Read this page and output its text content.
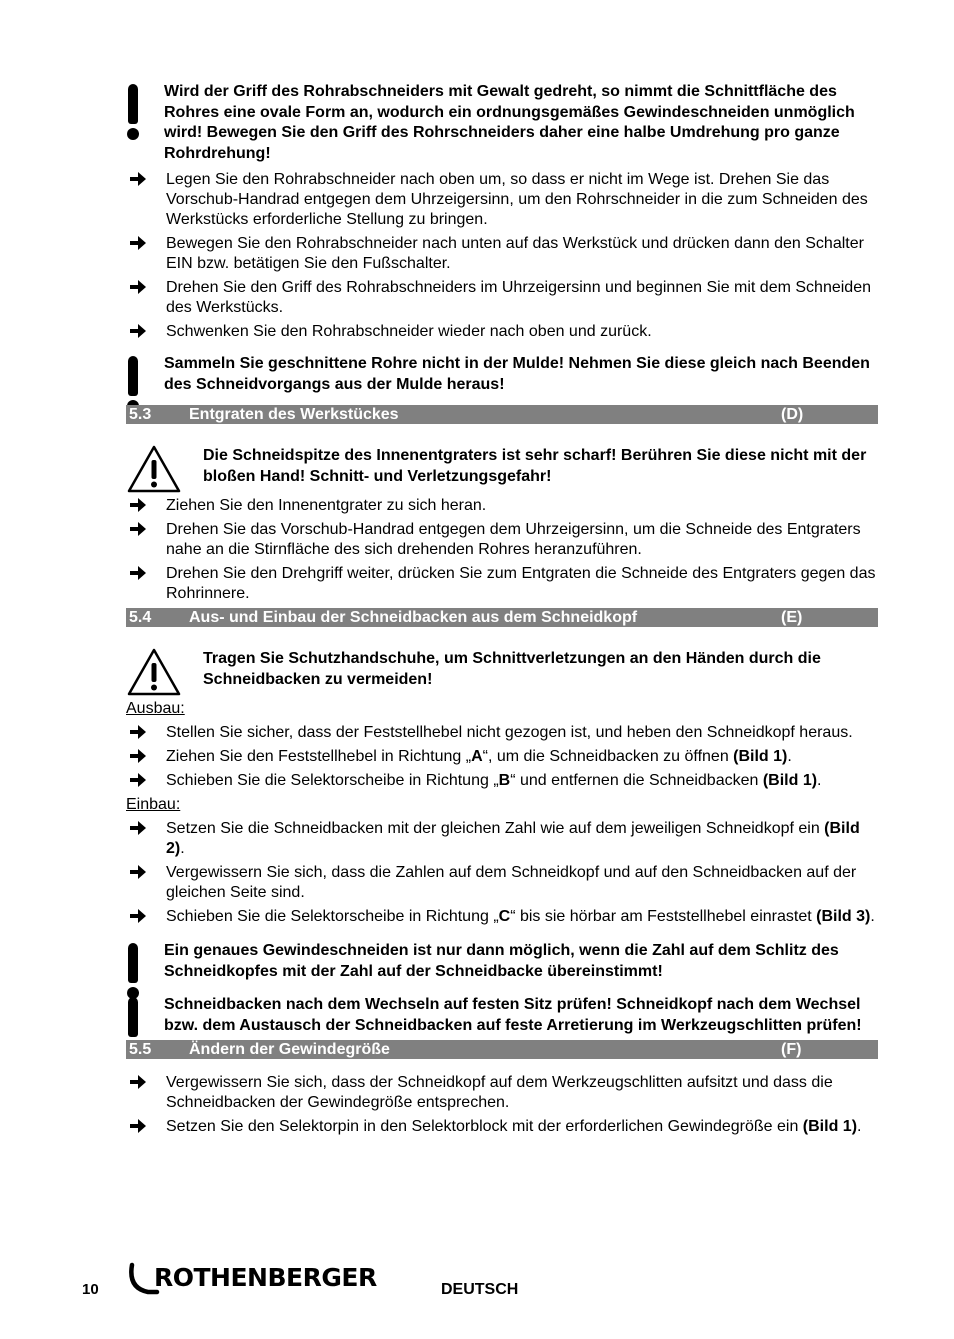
Wird der Griff des Rohrabschneiders mit Gewalt gedreht, so nimmt die Schnittfläche des Rohres eine ovale Form an, wodurch ein ordnungsgemäßes Gewindeschneiden unmöglich wird! Bewegen Sie den Griff des Rohrschneiders daher eine halbe Umdrehung pro ganze Rohrdrehung!
Legen Sie den Rohrabschneider nach oben um, so dass er nicht im Wege ist. Drehen Sie das Vorschub-Handrad entgegen dem Uhrzeigersinn, um den Rohrschneider in die zum Schneiden des Werkstücks erforderliche Stellung zu bringen.
Bewegen Sie den Rohrabschneider nach unten auf das Werkstück und drücken dann den Schalter EIN bzw. betätigen Sie den Fußschalter.
Drehen Sie den Griff des Rohrabschneiders im Uhrzeigersinn und beginnen Sie mit dem Schneiden des Werkstücks.
Schwenken Sie den Rohrabschneider wieder nach oben und zurück.
Sammeln Sie geschnittene Rohre nicht in der Mulde! Nehmen Sie diese gleich nach Beenden des Schneidvorgangs aus der Mulde heraus!
5.3 Entgraten des Werkstückes	(D)
Die Schneidspitze des Innenentgraters ist sehr scharf! Berühren Sie diese nicht mit der bloßen Hand! Schnitt- und Verletzungsgefahr!
Ziehen Sie den Innenentgrater zu sich heran.
Drehen Sie das Vorschub-Handrad entgegen dem Uhrzeigersinn, um die Schneide des Entgraters nahe an die Stirnfläche des sich drehenden Rohres heranzuführen.
Drehen Sie den Drehgriff weiter, drücken Sie zum Entgraten die Schneide des Entgraters gegen das Rohrinnere.
5.4 Aus- und Einbau der Schneidbacken aus dem Schneidkopf	(E)
Tragen Sie Schutzhandschuhe, um Schnittverletzungen an den Händen durch die Schneidbacken zu vermeiden!
Ausbau:
Stellen Sie sicher, dass der Feststellhebel nicht gezogen ist, und heben den Schneidkopf heraus.
Ziehen Sie den Feststellhebel in Richtung „A“, um die Schneidbacken zu öffnen (Bild 1).
Schieben Sie die Selektorscheibe in Richtung „B“ und entfernen die Schneidbacken (Bild 1).
Einbau:
Setzen Sie die Schneidbacken mit der gleichen Zahl wie auf dem jeweiligen Schneidkopf ein (Bild 2).
Vergewissern Sie sich, dass die Zahlen auf dem Schneidkopf und auf den Schneidbacken auf der gleichen Seite sind.
Schieben Sie die Selektorscheibe in Richtung „C“ bis sie hörbar am Feststellhebel einrastet (Bild 3).
Ein genaues Gewindeschneiden ist nur dann möglich, wenn die Zahl auf dem Schlitz des Schneidkopfes mit der Zahl auf der Schneidbacke übereinstimmt!
Schneidbacken nach dem Wechseln auf festen Sitz prüfen! Schneidkopf nach dem Wechsel bzw. dem Austausch der Schneidbacken auf feste Arretierung im Werkzeugschlitten prüfen!
5.5 Ändern der Gewindegröße	(F)
Vergewissern Sie sich, dass der Schneidkopf auf dem Werkzeugschlitten aufsitzt und dass die Schneidbacken der Gewindegröße entsprechen.
Setzen Sie den Selektorpin in den Selektorblock mit der erforderlichen Gewindegröße ein (Bild 1).
10 ROTHENBERGER	DEUTSCH
